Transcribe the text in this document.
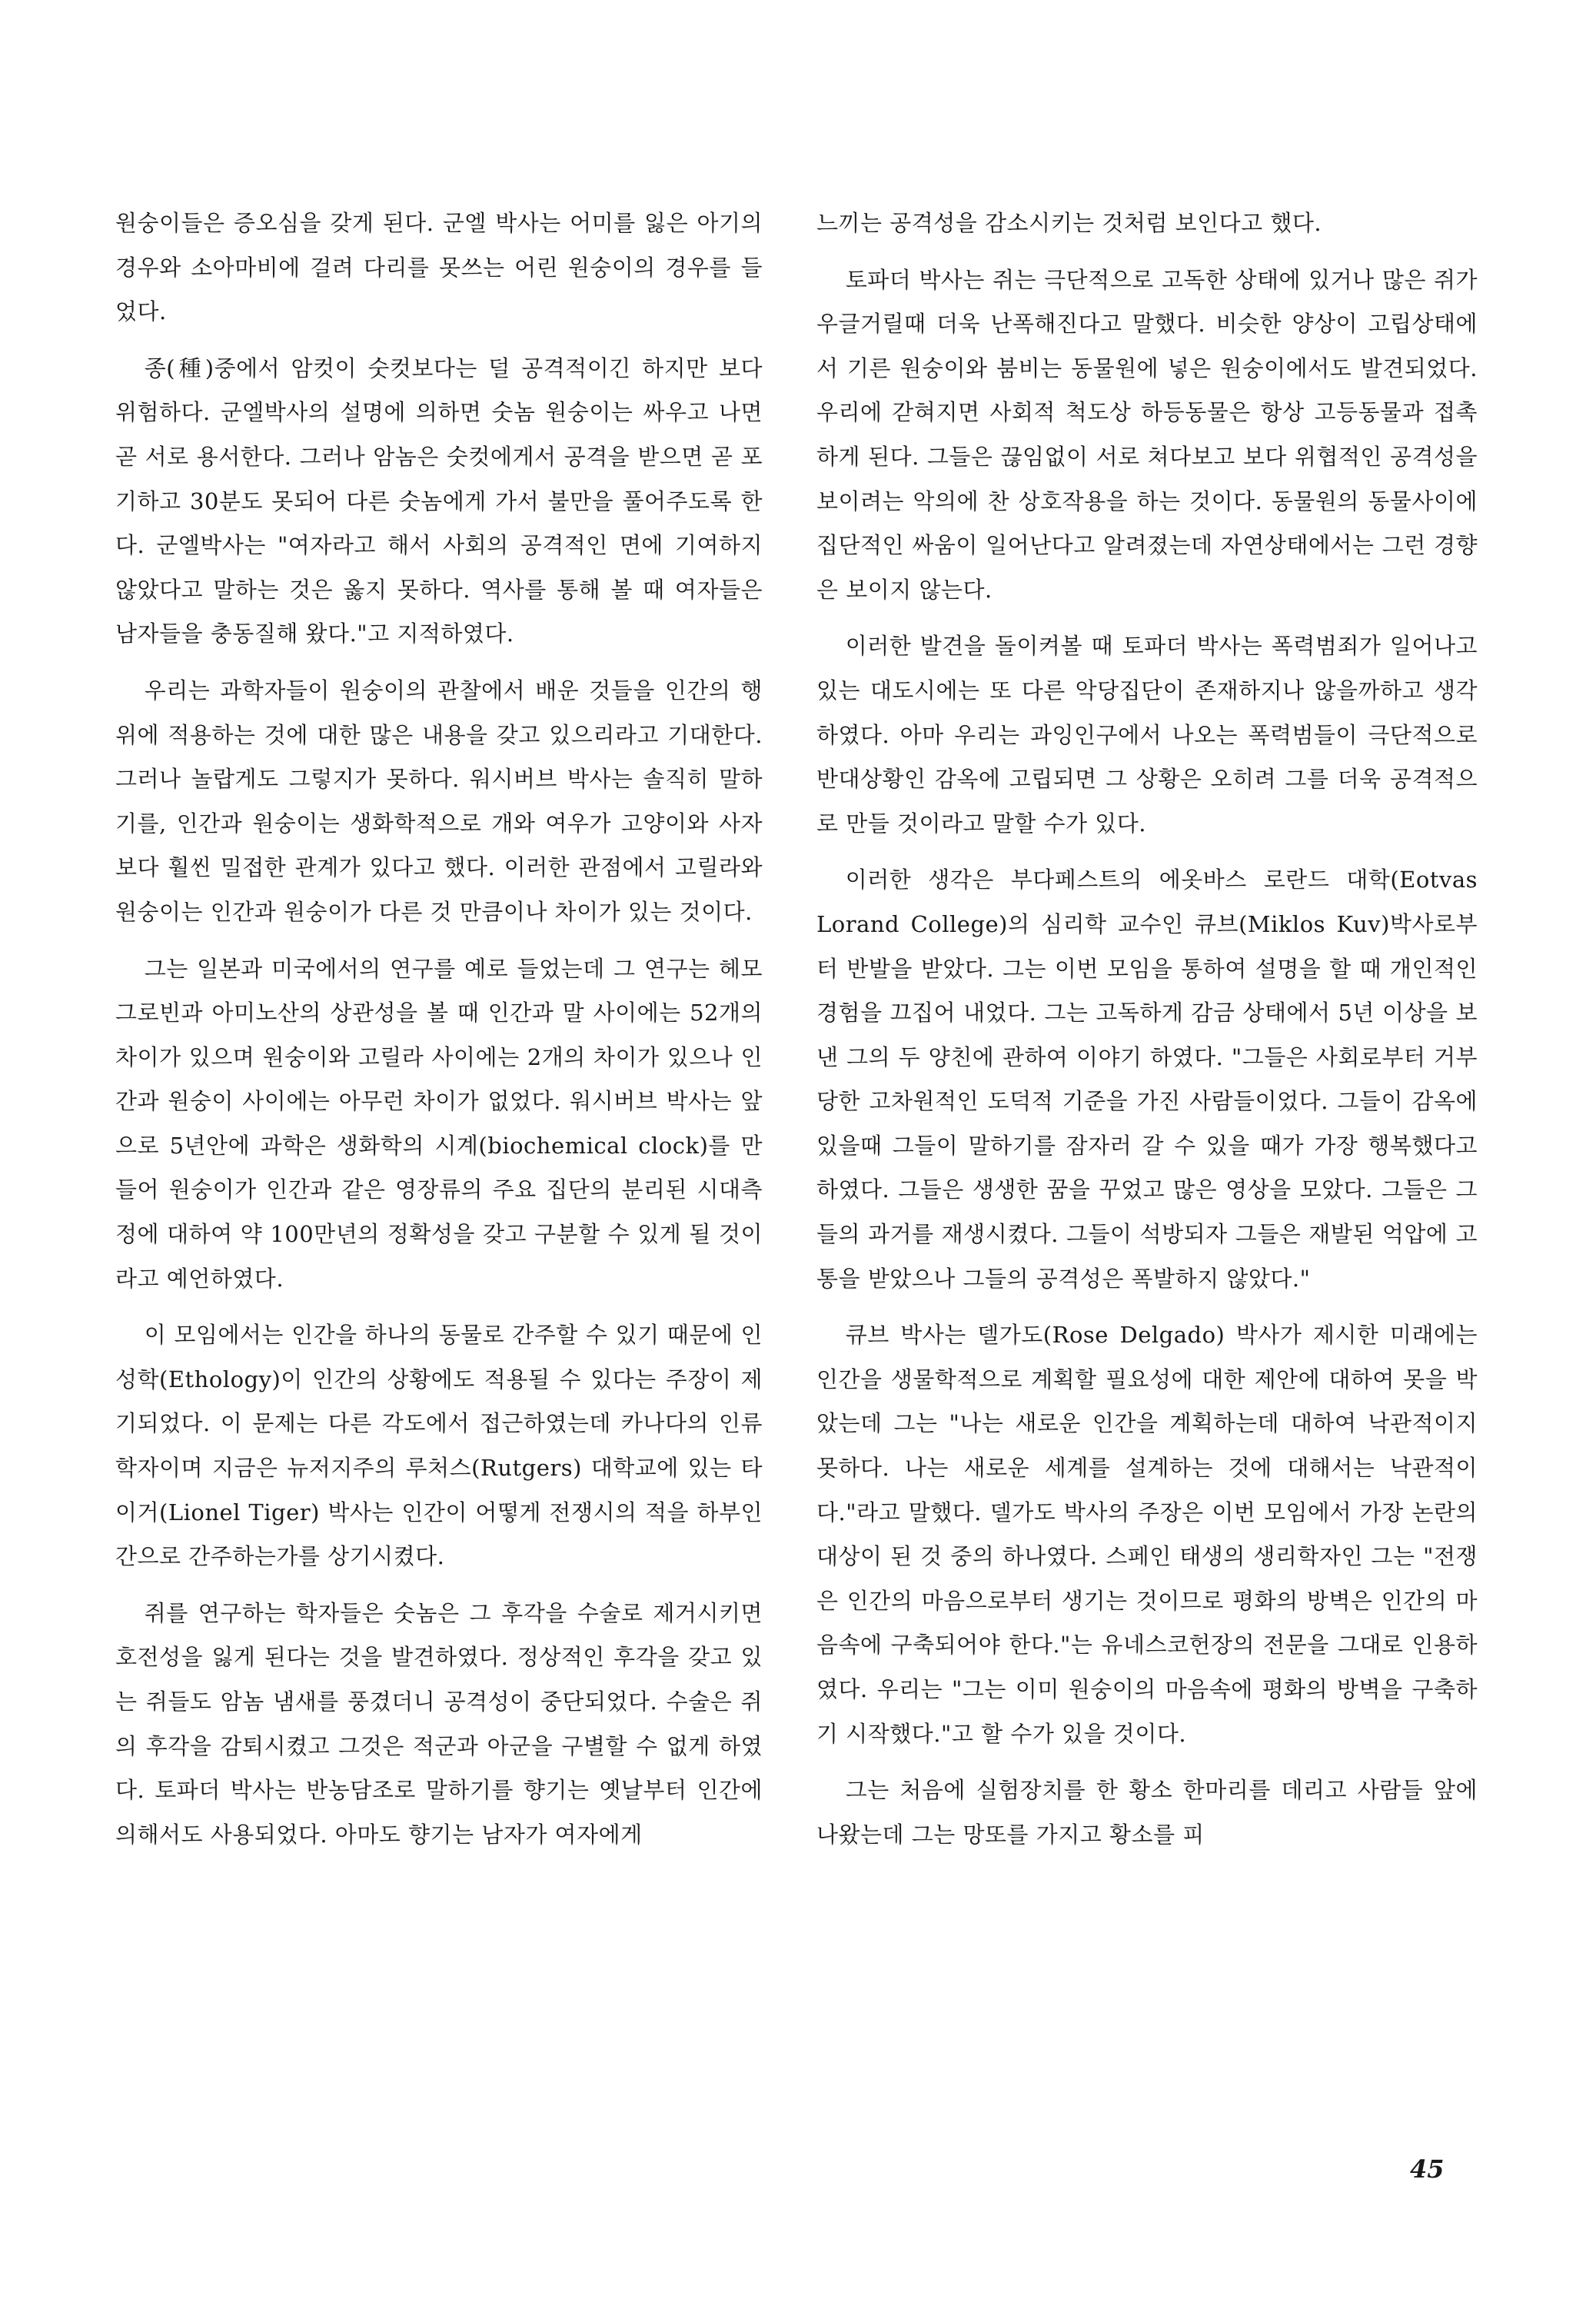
원숭이들은 증오심을 갖게 된다. 군엘 박사는 어미를 잃은 아기의 경우와 소아마비에 걸려 다리를 못쓰는 어린 원숭이의 경우를 들었다.

종(種)중에서 암컷이 숫컷보다는 덜 공격적이긴 하지만 보다 위험하다. 군엘박사의 설명에 의하면 숫놈 원숭이는 싸우고 나면 곧 서로 용서한다. 그러나 암놈은 숫컷에게서 공격을 받으면 곧 포기하고 30분도 못되어 다른 숫놈에게 가서 불만을 풀어주도록 한다. 군엘박사는 "여자라고 해서 사회의 공격적인 면에 기여하지 않았다고 말하는 것은 옳지 못하다. 역사를 통해 볼 때 여자들은 남자들을 충동질해 왔다."고 지적하였다.

우리는 과학자들이 원숭이의 관찰에서 배운 것들을 인간의 행위에 적용하는 것에 대한 많은 내용을 갖고 있으리라고 기대한다. 그러나 놀랍게도 그렇지가 못하다. 워시버브 박사는 솔직히 말하기를, 인간과 원숭이는 생화학적으로 개와 여우가 고양이와 사자보다 훨씬 밀접한 관계가 있다고 했다. 이러한 관점에서 고릴라와 원숭이는 인간과 원숭이가 다른 것 만큼이나 차이가 있는 것이다.

그는 일본과 미국에서의 연구를 예로 들었는데 그 연구는 헤모그로빈과 아미노산의 상관성을 볼 때 인간과 말 사이에는 52개의 차이가 있으며 원숭이와 고릴라 사이에는 2개의 차이가 있으나 인간과 원숭이 사이에는 아무런 차이가 없었다. 워시버브 박사는 앞으로 5년안에 과학은 생화학의 시계(biochemical clock)를 만들어 원숭이가 인간과 같은 영장류의 주요 집단의 분리된 시대측정에 대하여 약 100만년의 정확성을 갖고 구분할 수 있게 될 것이라고 예언하였다.

이 모임에서는 인간을 하나의 동물로 간주할 수 있기 때문에 인성학(Ethology)이 인간의 상황에도 적용될 수 있다는 주장이 제기되었다. 이 문제는 다른 각도에서 접근하였는데 카나다의 인류학자이며 지금은 뉴저지주의 루처스(Rutgers) 대학교에 있는 타이거(Lionel Tiger) 박사는 인간이 어떻게 전쟁시의 적을 하부인간으로 간주하는가를 상기시켰다.

쥐를 연구하는 학자들은 숫놈은 그 후각을 수술로 제거시키면 호전성을 잃게 된다는 것을 발견하였다. 정상적인 후각을 갖고 있는 쥐들도 암놈 냄새를 풍겼더니 공격성이 중단되었다. 수술은 쥐의 후각을 감퇴시켰고 그것은 적군과 아군을 구별할 수 없게 하였다. 토파더 박사는 반농담조로 말하기를 향기는 옛날부터 인간에 의해서도 사용되었다. 아마도 향기는 남자가 여자에게

느끼는 공격성을 감소시키는 것처럼 보인다고 했다.

토파더 박사는 쥐는 극단적으로 고독한 상태에 있거나 많은 쥐가 우글거릴때 더욱 난폭해진다고 말했다. 비슷한 양상이 고립상태에서 기른 원숭이와 붐비는 동물원에 넣은 원숭이에서도 발견되었다. 우리에 갇혀지면 사회적 척도상 하등동물은 항상 고등동물과 접촉하게 된다. 그들은 끊임없이 서로 쳐다보고 보다 위협적인 공격성을 보이려는 악의에 찬 상호작용을 하는 것이다. 동물원의 동물사이에 집단적인 싸움이 일어난다고 알려졌는데 자연상태에서는 그런 경향은 보이지 않는다.

이러한 발견을 돌이켜볼 때 토파더 박사는 폭력범죄가 일어나고 있는 대도시에는 또 다른 악당집단이 존재하지나 않을까하고 생각하였다. 아마 우리는 과잉인구에서 나오는 폭력범들이 극단적으로 반대상황인 감옥에 고립되면 그 상황은 오히려 그를 더욱 공격적으로 만들 것이라고 말할 수가 있다.

이러한 생각은 부다페스트의 에옷바스 로란드 대학(Eotvas Lorand College)의 심리학 교수인 큐브(Miklos Kuv)박사로부터 반발을 받았다. 그는 이번 모임을 통하여 설명을 할 때 개인적인 경험을 끄집어 내었다. 그는 고독하게 감금 상태에서 5년 이상을 보낸 그의 두 양친에 관하여 이야기 하였다. "그들은 사회로부터 거부당한 고차원적인 도덕적 기준을 가진 사람들이었다. 그들이 감옥에 있을때 그들이 말하기를 잠자러 갈 수 있을 때가 가장 행복했다고 하였다. 그들은 생생한 꿈을 꾸었고 많은 영상을 모았다. 그들은 그들의 과거를 재생시켰다. 그들이 석방되자 그들은 재발된 억압에 고통을 받았으나 그들의 공격성은 폭발하지 않았다."

큐브 박사는 델가도(Rose Delgado) 박사가 제시한 미래에는 인간을 생물학적으로 계획할 필요성에 대한 제안에 대하여 못을 박았는데 그는 "나는 새로운 인간을 계획하는데 대하여 낙관적이지 못하다. 나는 새로운 세계를 설계하는 것에 대해서는 낙관적이다."라고 말했다. 델가도 박사의 주장은 이번 모임에서 가장 논란의 대상이 된 것 중의 하나였다. 스페인 태생의 생리학자인 그는 "전쟁은 인간의 마음으로부터 생기는 것이므로 평화의 방벽은 인간의 마음속에 구축되어야 한다."는 유네스코헌장의 전문을 그대로 인용하였다. 우리는 "그는 이미 원숭이의 마음속에 평화의 방벽을 구축하기 시작했다."고 할 수가 있을 것이다.

그는 처음에 실험장치를 한 황소 한마리를 데리고 사람들 앞에 나왔는데 그는 망또를 가지고 황소를 피

45
